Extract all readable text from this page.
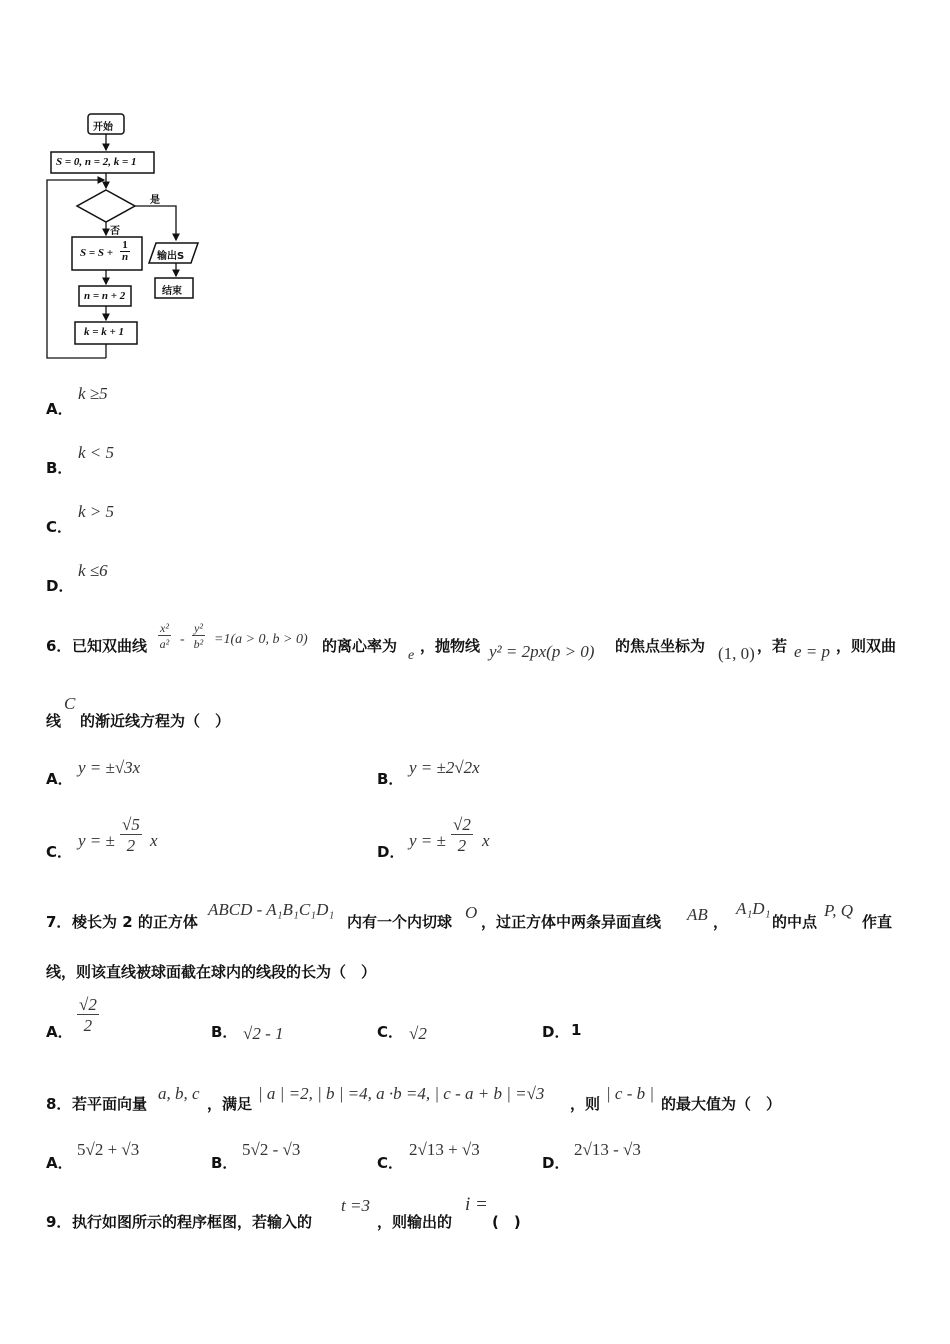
开始
S = 0, n = 2, k = 1
是
否
$S = S + \frac{1}{n}$	输出S
结束
n = n + 2
k = k + 1
A．
k ≥5
B．
k < 5
C．
k > 5
D．
k ≤6
6． 已知双曲线 $\frac{\text{x²}}{\text{a²}} - \frac{\text{y²}}{\text{b²}} =1(a > 0$, b > 0) 的离心率为
e
，抛物线 y² = 2px(p > 0) 的焦点坐标为 (1, 0) ，若 e = p ，则双曲
线
C
的渐近线方程为（　）
A．
y = ±√3x
B．
y = ±2√2x
C．
y = ± $\frac{√5}{2}$ x
D．
y = ± $\frac{√2}{2}$ x
7． 棱长为 2 的正方体
ABCD - A₁B₁C₁D₁
内有一个内切球 O ，过正方体中两条异面直线 AB ，
A₁D₁
的中点
P, Q
作直
线，则该直线被球面截在球内的线段的长为（　）
A． $\frac{√2}{2}$	B． √2 - 1	C． √2	D． 1
8． 若平面向量
a, b, c
，满足
| a | =2, | b | =4, a ·b =4, | c - a + b | =√3
，则
| c - b |
的最大值为（　）
A．
5√2 + √3
B．
5√2 - √3
C．
2√13 + √3
D．
2√13 - √3
9． 执行如图所示的程序框图，若输入的
t =3
，则输出的
i =
(　)
